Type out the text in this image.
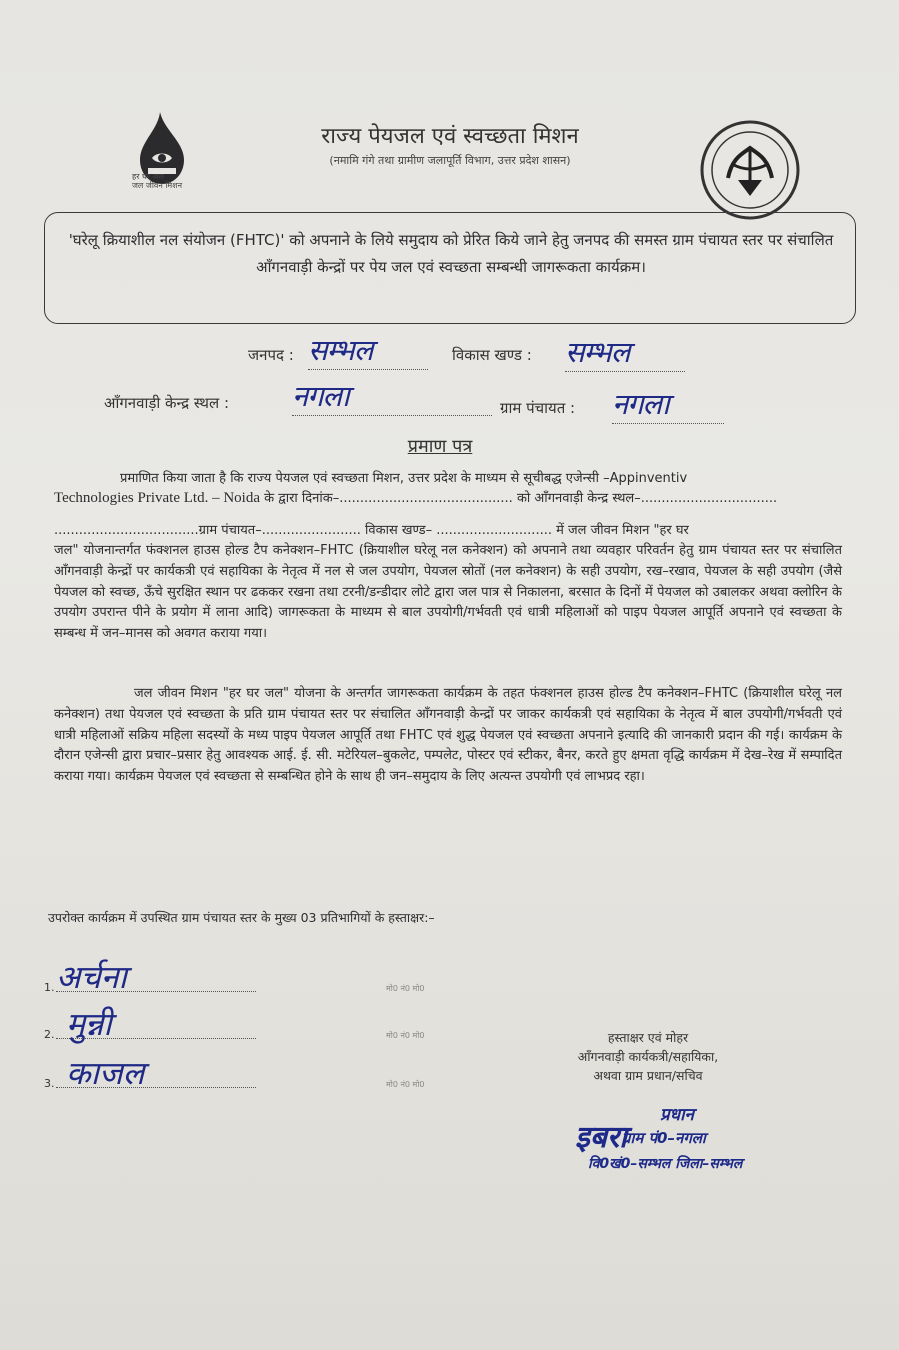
हर घर जल
जल जीवन मिशन
राज्य पेयजल एवं स्वच्छता मिशन
(नमामि गंगे तथा ग्रामीण जलापूर्ति विभाग, उत्तर प्रदेश शासन)
'घरेलू क्रियाशील नल संयोजन (FHTC)' को अपनाने के लिये समुदाय को प्रेरित किये जाने हेतु जनपद की समस्त ग्राम पंचायत स्तर पर संचालित आँगनवाड़ी केन्द्रों पर पेय जल एवं स्वच्छता सम्बन्धी जागरूकता कार्यक्रम।
जनपद : सम्भल	विकास खण्ड : सम्भल
आँगनवाड़ी केन्द्र स्थल : नगला	ग्राम पंचायत : नगला
प्रमाण पत्र
प्रमाणित किया जाता है कि राज्य पेयजल एवं स्वच्छता मिशन, उत्तर प्रदेश के माध्यम से सूचीबद्ध एजेन्सी –Appinventiv
Technologies Private Ltd. – Noida के द्वारा दिनांक–.......................................... को आँगनवाड़ी केन्द्र स्थल–.................................
...................................ग्राम पंचायत–........................ विकास खण्ड– ............................ में जल जीवन मिशन "हर घर
जल" योजनान्तर्गत फंक्शनल हाउस होल्ड टैप कनेक्शन–FHTC (क्रियाशील घरेलू नल कनेक्शन) को अपनाने तथा व्यवहार परिवर्तन हेतु ग्राम पंचायत स्तर पर संचालित आँगनवाड़ी केन्द्रों पर कार्यकत्री एवं सहायिका के नेतृत्व में नल से जल उपयोग, पेयजल स्रोतों (नल कनेक्शन) के सही उपयोग, रख–रखाव, पेयजल के सही उपयोग (जैसे पेयजल को स्वच्छ, ऊँचे सुरक्षित स्थान पर ढककर रखना तथा टरनी/डन्डीदार लोटे द्वारा जल पात्र से निकालना, बरसात के दिनों में पेयजल को उबालकर अथवा क्लोरिन के उपयोग उपरान्त पीने के प्रयोग में लाना आदि) जागरूकता के माध्यम से बाल उपयोगी/गर्भवती एवं धात्री महिलाओं को पाइप पेयजल आपूर्ति अपनाने एवं स्वच्छता के सम्बन्ध में जन–मानस को अवगत कराया गया।
जल जीवन मिशन "हर घर जल" योजना के अन्तर्गत जागरूकता कार्यक्रम के तहत फंक्शनल हाउस होल्ड टैप कनेक्शन–FHTC (क्रियाशील घरेलू नल कनेक्शन) तथा पेयजल एवं स्वच्छता के प्रति ग्राम पंचायत स्तर पर संचालित आँगनवाड़ी केन्द्रों पर जाकर कार्यकत्री एवं सहायिका के नेतृत्व में बाल उपयोगी/गर्भवती एवं धात्री महिलाओं सक्रिय महिला सदस्यों के मध्य पाइप पेयजल आपूर्ति तथा FHTC एवं शुद्ध पेयजल एवं स्वच्छता अपनाने इत्यादि की जानकारी प्रदान की गई। कार्यक्रम के दौरान एजेन्सी द्वारा प्रचार–प्रसार हेतु आवश्यक आई. ई. सी. मटेरियल–बुकलेट, पम्पलेट, पोस्टर एवं स्टीकर, बैनर, करते हुए क्षमता वृद्धि कार्यक्रम में देख–रेख में सम्पादित कराया गया। कार्यक्रम पेयजल एवं स्वच्छता से सम्बन्धित होने के साथ ही जन–समुदाय के लिए अत्यन्त उपयोगी एवं लाभप्रद रहा।
उपरोक्त कार्यक्रम में उपस्थित ग्राम पंचायत स्तर के मुख्य 03 प्रतिभागियों के हस्ताक्षर:–
1. अर्चना	मो0 नं0 मो0
2. मुन्नी	मो0 नं0 मो0
3. काजल	मो0 नं0 मो0
हस्ताक्षर एवं मोहर
आँगनवाड़ी कार्यकत्री/सहायिका,
अथवा ग्राम प्रधान/सचिव
इबरा
प्रधान
ग्राम पं0–नगला
वि0खं0–सम्भल जिला–सम्भल
